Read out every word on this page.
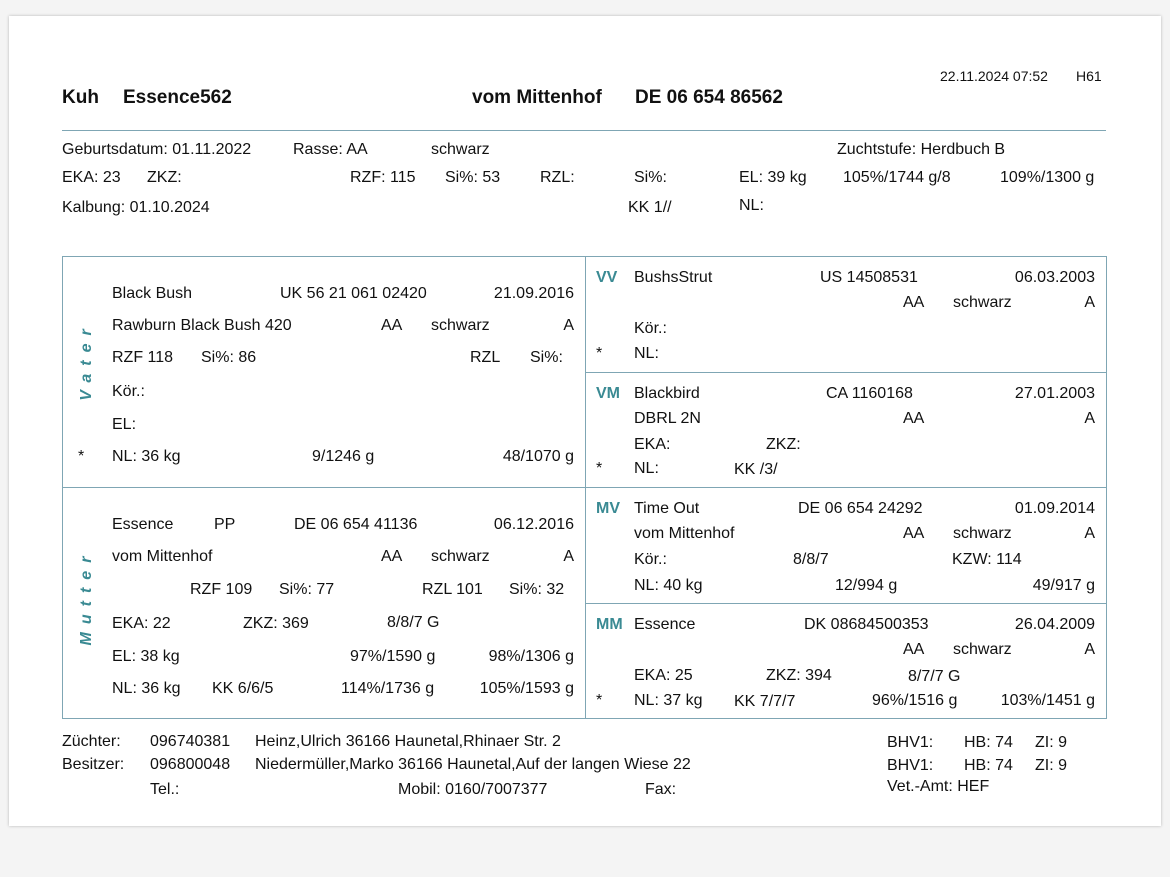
22.11.2024 07:52 H61
Kuh Essence562	vom Mittenhof DE 06 654 86562
Geburtsdatum: 01.11.2022	Rasse: AA	schwarz	Zuchtstufe: Herdbuch B
EKA: 23 ZKZ:	RZF: 115 Si%: 53 RZL:	Si%:	EL: 39 kg 105%/1744 g/8	109%/1300 g
Kalbung: 01.10.2024	KK 1//	NL:
Vater
Black Bush	UK 56 21 061 02420	21.09.2016
Rawburn Black Bush 420	AA schwarz	A
RZF 118 Si%: 86	RZL Si%:
Kör.:
EL:
* NL: 36 kg	9/1246 g	48/1070 g
Mutter
Essence	PP	DE 06 654 41136	06.12.2016
vom Mittenhof	AA schwarz	A
RZF 109 Si%: 77	RZL 101 Si%: 32
EKA: 22	ZKZ: 369	8/8/7 G
EL: 38 kg	97%/1590 g	98%/1306 g
NL: 36 kg KK 6/6/5	114%/1736 g	105%/1593 g
VV BushsStrut	US 14508531	06.03.2003
AA schwarz	A
Kör.:
* NL:
VM Blackbird	CA 1160168	27.01.2003
DBRL 2N	AA	A
EKA:	ZKZ:
* NL:	KK /3/
MV Time Out	DE 06 654 24292	01.09.2014
vom Mittenhof	AA schwarz	A
Kör.:	8/8/7	KZW: 114
NL: 40 kg	12/994 g	49/917 g
MM Essence	DK 08684500353	26.04.2009
AA schwarz	A
EKA: 25	ZKZ: 394	8/7/7 G
* NL: 37 kg KK 7/7/7	96%/1516 g	103%/1451 g
Züchter: 096740381 Heinz,Ulrich 36166 Haunetal,Rhinaer Str. 2
Besitzer: 096800048 Niedermüller,Marko 36166 Haunetal,Auf der langen Wiese 22
Tel.:	Mobil: 0160/7007377	Fax:
BHV1: HB: 74 ZI: 9
BHV1: HB: 74 ZI: 9
Vet.-Amt: HEF
